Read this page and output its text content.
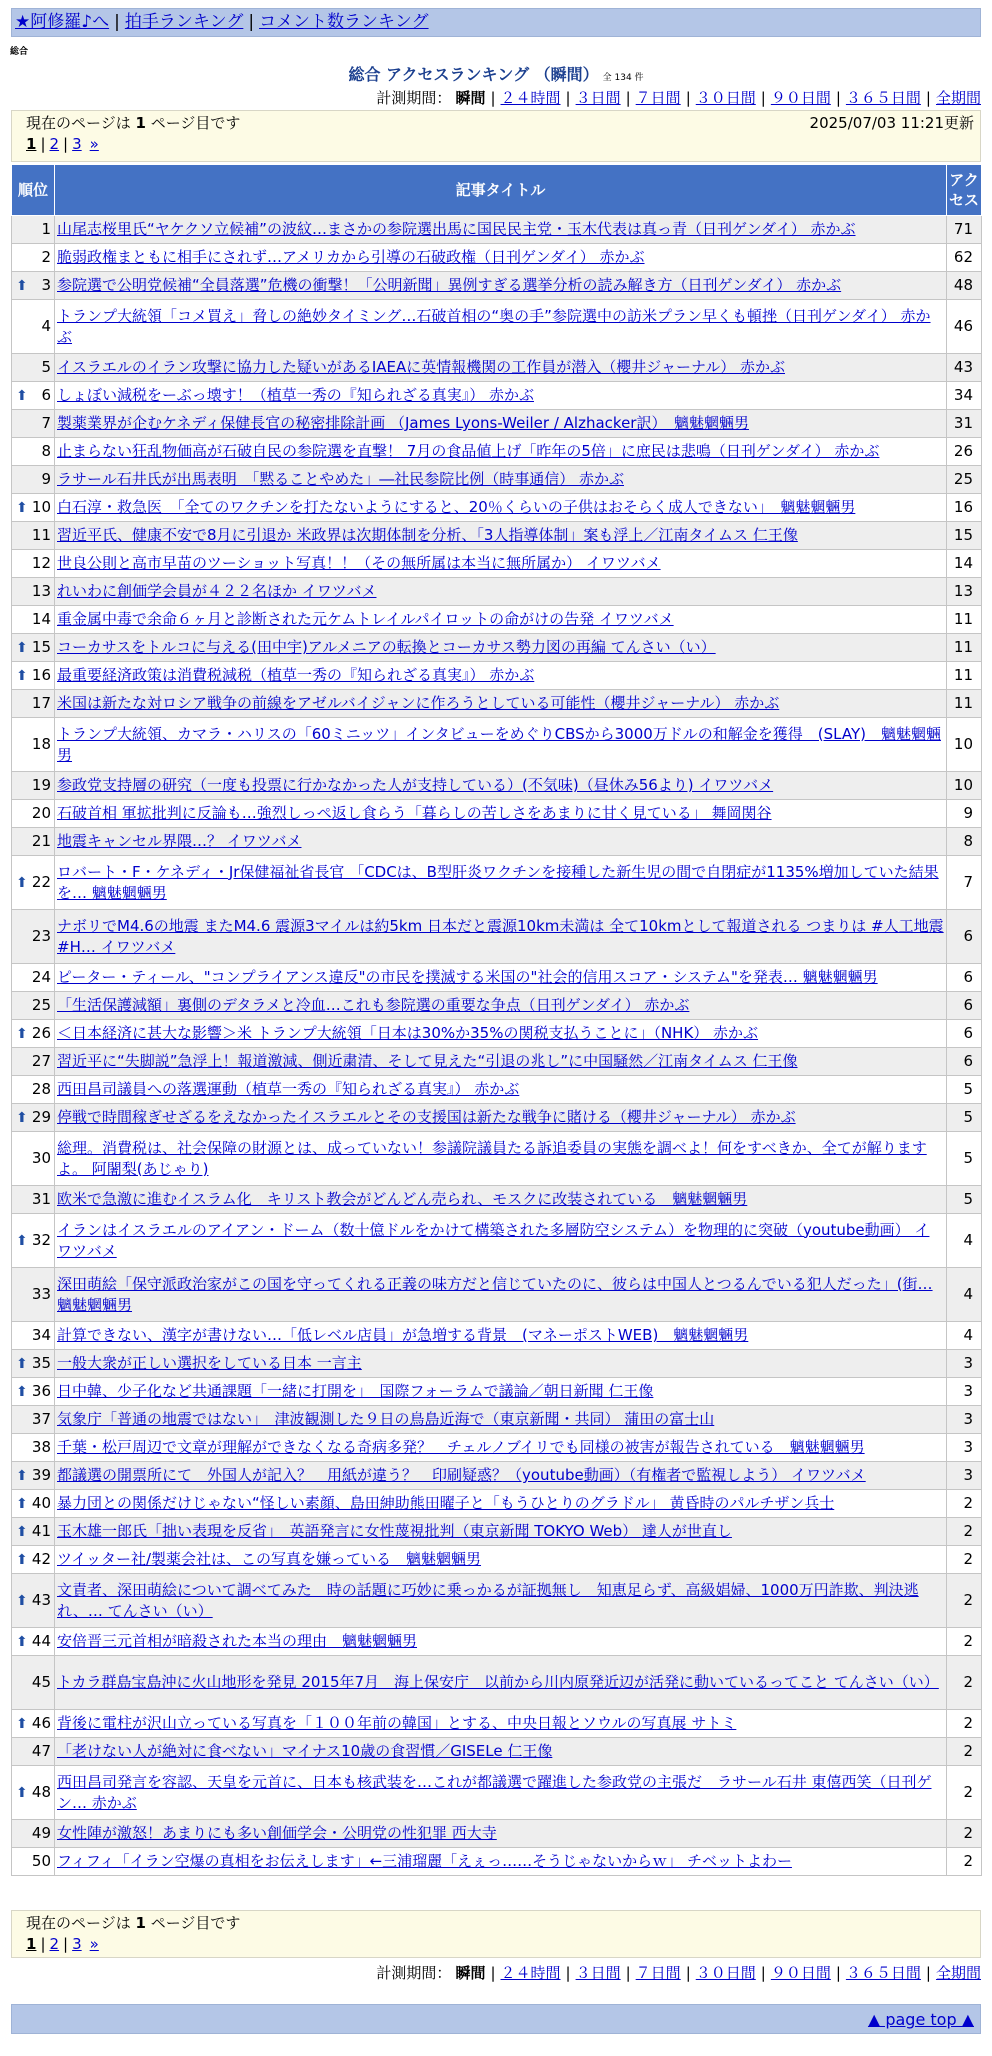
★阿修羅♪へ | 拍手ランキング | コメント数ランキング
総合
総合 アクセスランキング （瞬間） 全 134 件
計測期間： 瞬間 | ２４時間 | ３日間 | ７日間 | ３０日間 | ９０日間 | ３６５日間 | 全期間
現在のページは 1 ページ目です	2025/07/03 11:21更新
1 | 2 | 3 »
順位	記事タイトル	アクセス
1	山尾志桜里氏“ヤケクソ立候補”の波紋…まさかの参院選出馬に国民民主党・玉木代表は真っ青（日刊ゲンダイ） 赤かぶ	71
2	脆弱政権まともに相手にされず…アメリカから引導の石破政権（日刊ゲンダイ） 赤かぶ	62

⬆ 3	参院選で公明党候補“全員落選”危機の衝撃！「公明新聞」異例すぎる選挙分析の読み解き方（日刊ゲンダイ） 赤かぶ	48
4	トランプ大統領「コメ買え」脅しの絶妙タイミング…石破首相の“奥の手”参院選中の訪米プラン早くも頓挫（日刊ゲンダイ） 赤かぶ	46
5	イスラエルのイラン攻撃に協力した疑いがあるIAEAに英情報機関の工作員が潜入（櫻井ジャーナル） 赤かぶ	43

⬆ 6	しょぼい減税をーぶっ壊す！（植草一秀の『知られざる真実』） 赤かぶ	34
7	製薬業界が企むケネディ保健長官の秘密排除計画 （James Lyons-Weiler / Alzhacker訳）　魑魅魍魎男	31
8	止まらない狂乱物価高が石破自民の参院選を直撃！ 7月の食品値上げ「昨年の5倍」に庶民は悲鳴（日刊ゲンダイ） 赤かぶ	26
9	ラサール石井氏が出馬表明　「黙ることやめた」―社民参院比例（時事通信） 赤かぶ	25

⬆ 10	白石淳・救急医　「全てのワクチンを打たないようにすると、20％くらいの子供はおそらく成人できない」　魑魅魍魎男	16
11	習近平氏、健康不安で8月に引退か 米政界は次期体制を分析、「3人指導体制」案も浮上／江南タイムス 仁王像	15
12	世良公則と高市早苗のツーショット写真！！（その無所属は本当に無所属か） イワツバメ	14
13	れいわに創価学会員が４２２名ほか イワツバメ	13
14	重金属中毒で余命６ヶ月と診断された元ケムトレイルパイロットの命がけの告発 イワツバメ	11

⬆ 15	コーカサスをトルコに与える(田中宇)アルメニアの転換とコーカサス勢力図の再編 てんさい（い）	11

⬆ 16	最重要経済政策は消費税減税（植草一秀の『知られざる真実』） 赤かぶ	11
17	米国は新たな対ロシア戦争の前線をアゼルバイジャンに作ろうとしている可能性（櫻井ジャーナル） 赤かぶ	11
18	トランプ大統領、カマラ・ハリスの「60ミニッツ」インタビューをめぐりCBSから3000万ドルの和解金を獲得　(SLAY)　魑魅魍魎男	10
19	参政党支持層の研究（一度も投票に行かなかった人が支持している）(不気味)（昼休み56より) イワツバメ	10
20	石破首相 軍拡批判に反論も…強烈しっぺ返し食らう「暮らしの苦しさをあまりに甘く見ている」 舞岡関谷	9
21	地震キャンセル界隈…？ イワツバメ	8

⬆ 22	ロバート・F・ケネディ・Jr保健福祉省長官 「CDCは、B型肝炎ワクチンを接種した新生児の間で自閉症が1135%増加していた結果を… 魑魅魍魎男	7
23	ナボリでM4.6の地震 またM4.6 震源3マイルは約5km 日本だと震源10km未満は 全て10kmとして報道される つまりは #人工地震 #H… イワツバメ	6
24	ピーター・ティール、"コンプライアンス違反"の市民を撲滅する米国の"社会的信用スコア・システム"を発表… 魑魅魍魎男	6
25	「生活保護減額」裏側のデタラメと冷血…これも参院選の重要な争点（日刊ゲンダイ） 赤かぶ	6

⬆ 26	＜日本経済に甚大な影響＞米 トランプ大統領「日本は30%か35%の関税支払うことに」（NHK） 赤かぶ	6
27	習近平に“失脚説”急浮上！報道激減、側近粛清、そして見えた“引退の兆し”に中国騒然／江南タイムス 仁王像	6
28	西田昌司議員への落選運動（植草一秀の『知られざる真実』） 赤かぶ	5

⬆ 29	停戦で時間稼ぎせざるをえなかったイスラエルとその支援国は新たな戦争に賭ける（櫻井ジャーナル） 赤かぶ	5
30	総理。消費税は、社会保障の財源とは、成っていない！参議院議員たる訴追委員の実態を調べよ！何をすべきか、全てが解りますよ。 阿闍梨(あじゃり)	5
31	欧米で急激に進むイスラム化　キリスト教会がどんどん売られ、モスクに改装されている　魑魅魍魎男	5

⬆ 32	イランはイスラエルのアイアン・ドーム（数十億ドルをかけて構築された多層防空システム）を物理的に突破（youtube動画） イワツバメ	4
33	深田萌絵「保守派政治家がこの国を守ってくれる正義の味方だと信じていたのに、彼らは中国人とつるんでいる犯人だった」(街… 魑魅魍魎男	4
34	計算できない、漢字が書けない…「低レベル店員」が急増する背景　(マネーポストWEB)　魑魅魍魎男	4

⬆ 35	一般大衆が正しい選択をしている日本 一言主	3

⬆ 36	日中韓、少子化など共通課題「一緒に打開を」　国際フォーラムで議論／朝日新聞 仁王像	3
37	気象庁「普通の地震ではない」　津波観測した９日の鳥島近海で（東京新聞・共同） 蒲田の富士山	3
38	千葉・松戸周辺で文章が理解ができなくなる奇病多発？　チェルノブイリでも同様の被害が報告されている　魑魅魍魎男	3

⬆ 39	都議選の開票所にて　外国人が記入？　用紙が違う？　印刷疑惑？（youtube動画）（有権者で監視しよう） イワツバメ	3

⬆ 40	暴力団との関係だけじゃない“怪しい素顔、島田紳助熊田曜子と「もうひとりのグラドル」 黄昏時のパルチザン兵士	2

⬆ 41	玉木雄一郎氏「拙い表現を反省」　英語発言に女性蔑視批判（東京新聞 TOKYO Web） 達人が世直し	2

⬆ 42	ツイッター社/製薬会社は、この写真を嫌っている　魑魅魍魎男	2

⬆ 43	文責者、深田萌絵について調べてみた　時の話題に巧妙に乗っかるが証拠無し　知恵足らず、高級娼婦、1000万円詐欺、判決逃れ、… てんさい（い）	2

⬆ 44	安倍晋三元首相が暗殺された本当の理由　魑魅魍魎男	2
45	トカラ群島宝島沖に火山地形を発見 2015年7月　海上保安庁　以前から川内原発近辺が活発に動いているってこと てんさい（い）	2

⬆ 46	背後に電柱が沢山立っている写真を「１００年前の韓国」とする、中央日報とソウルの写真展 サトミ	2
47	「老けない人が絶対に食べない」マイナス10歳の食習慣／GISELe 仁王像	2

⬆ 48	西田昌司発言を容認、天皇を元首に、日本も核武装を…これが都議選で躍進した参政党の主張だ　ラサール石井 東僖西笑（日刊ゲン… 赤かぶ	2
49	女性陣が激怒！あまりにも多い創価学会・公明党の性犯罪 西大寺	2
50	フィフィ「イラン空爆の真相をお伝えします」←三浦瑠麗「えぇっ……そうじゃないからｗ」 チベットよわー	2
現在のページは 1 ページ目です
1 | 2 | 3 »
計測期間： 瞬間 | ２４時間 | ３日間 | ７日間 | ３０日間 | ９０日間 | ３６５日間 | 全期間
▲ page top ▲
